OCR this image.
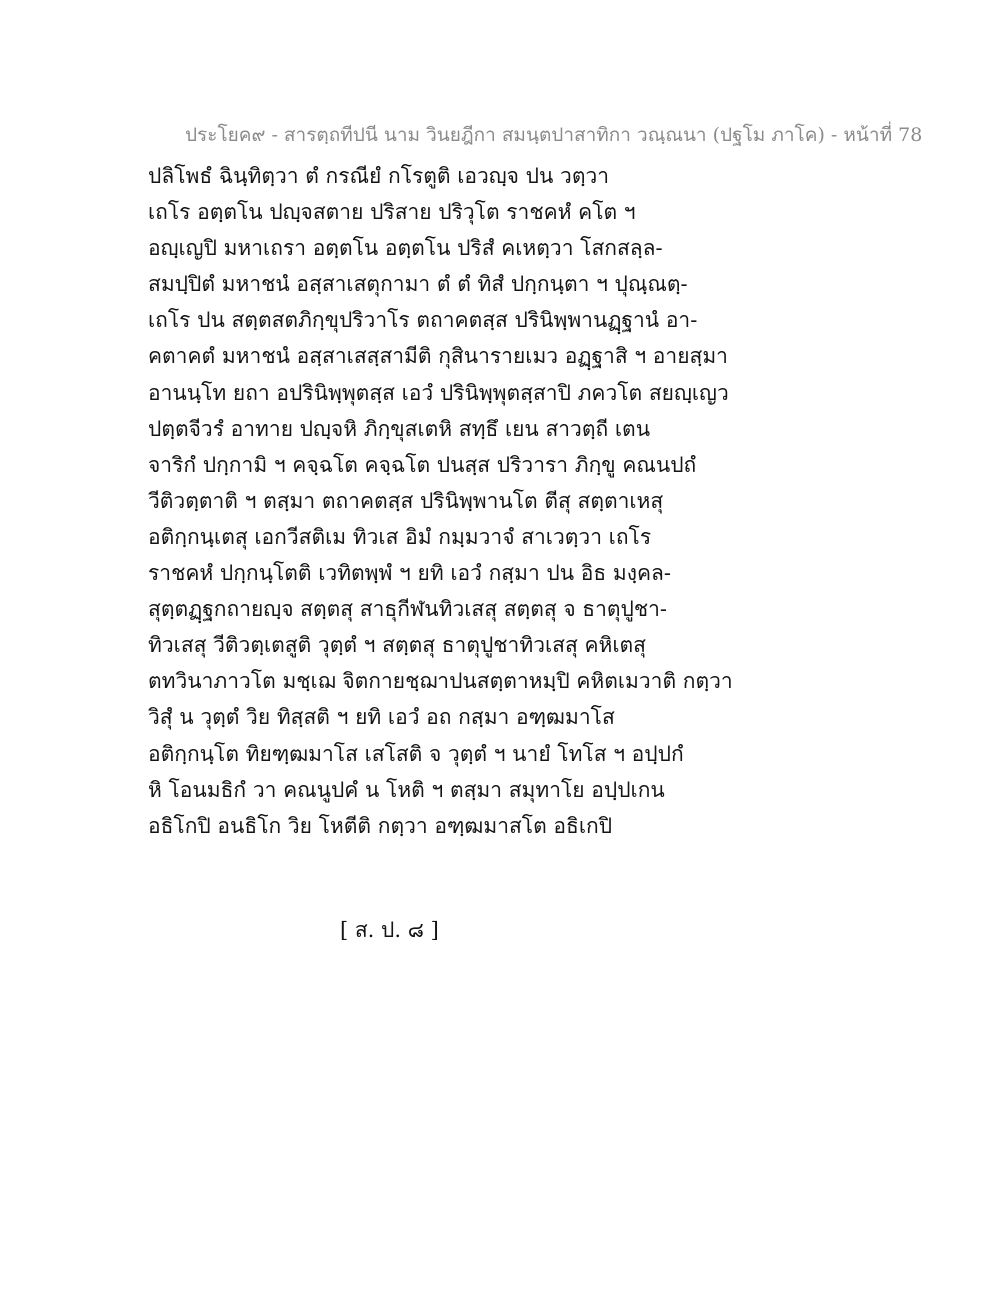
ประโยค๙ - สารตฺถทีปนี นาม วินยฎีกา สมนฺตปาสาทิกา วณฺณนา (ปฐโม ภาโค) - หน้าที่ 78
ปลิโพธํ ฉินฺทิตฺวา ตํ กรณียํ กโรตูติ เอวญฺจ ปน วตฺวา
เถโร อตฺตโน ปญฺจสตาย ปริสาย ปริวุโต ราชคหํ คโต ฯ
อญฺเญปิ มหาเถรา อตฺตโน อตฺตโน ปริสํ คเหตฺวา โสกสลฺล-
สมปฺปิตํ มหาชนํ อสฺสาเสตุกามา ตํ ตํ ทิสํ ปกฺกนฺตา ฯ ปุณฺณตฺ-
เถโร ปน สตฺตสตภิกฺขุปริวาโร ตถาคตสฺส ปรินิพฺพานฏฺฐานํ อา-
คตาคตํ มหาชนํ อสฺสาเสสฺสามีติ กุสินารายเมว อฏฺฐาสิ ฯ อายสฺมา
อานนฺโท ยถา อปรินิพฺพุตสฺส เอวํ ปรินิพฺพุตสฺสาปิ ภควโต สยญฺเญว
ปตฺตจีวรํ อาทาย ปญฺจหิ ภิกฺขุสเตหิ สทฺธึ เยน สาวตฺถี เตน
จาริกํ ปกฺกามิ ฯ คจฺฉโต คจฺฉโต ปนสฺส ปริวารา ภิกฺขู คณนปถํ
วีติวตฺตาติ ฯ ตสฺมา ตถาคตสฺส ปรินิพฺพานโต ตีสุ สตฺตาเหสุ
อติกฺกนฺเตสุ เอกวีสติเม ทิวเส อิมํ กมฺมวาจํ สาเวตฺวา เถโร
ราชคหํ ปกฺกนฺโตติ เวทิตพฺพํ ฯ ยทิ เอวํ กสฺมา ปน อิธ มงฺคล-
สุตฺตฏฺฐกถายญฺจ สตฺตสุ สาธุกีฬนทิวเสสุ สตฺตสุ จ ธาตุปูชา-
ทิวเสสุ วีติวตฺเตสูติ วุตฺตํ ฯ สตฺตสุ ธาตุปูชาทิวเสสุ คหิเตสุ
ตทวินาภาวโต มชฺเฌ จิตกายชฺฌาปนสตฺตาหมฺปิ คหิตเมวาติ กตฺวา
วิสุํ น วุตฺตํ วิย ทิสฺสติ ฯ ยทิ เอวํ อถ กสฺมา อฑฺฒมาโส
อติกฺกนฺโต ทิยฑฺฒมาโส เสโสติ จ วุตฺตํ ฯ นายํ โทโส ฯ อปฺปกํ
หิ โอนมธิกํ วา คณนูปคํ น โหติ ฯ ตสฺมา สมุทาโย อปฺปเกน
อธิโกปิ อนธิโก วิย โหตีติ กตฺวา อฑฺฒมาสโต อธิเกปิ
[ ส. ป. ๘ ]
